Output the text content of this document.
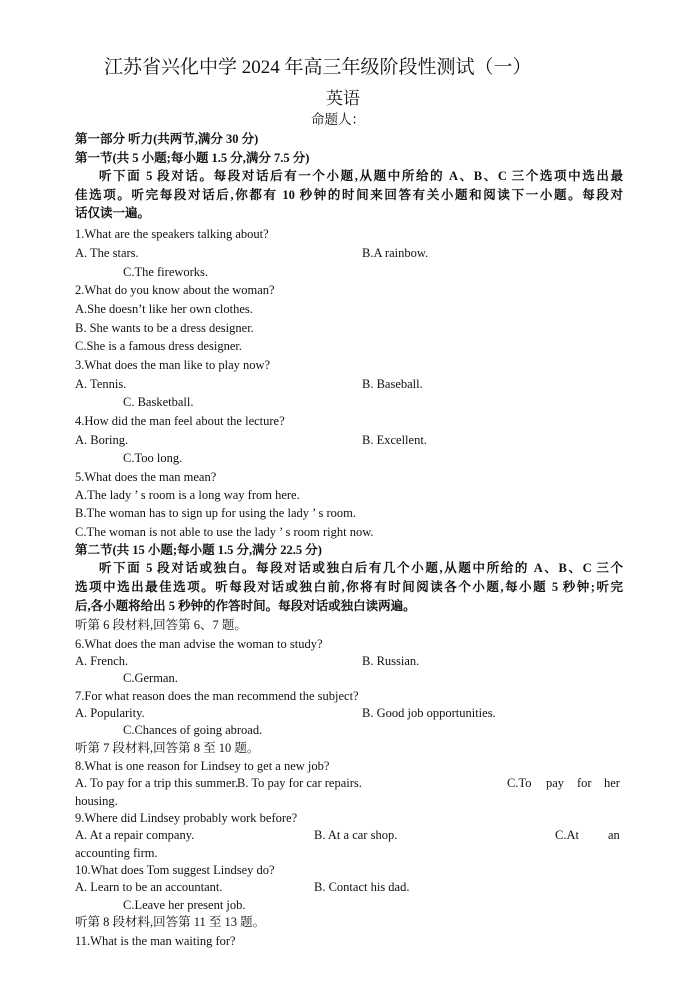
江苏省兴化中学 2024 年高三年级阶段性测试（一）
英语
命题人：
第一部分 听力(共两节,满分 30 分)
第一节(共 5 小题;每小题 1.5 分,满分 7.5 分)
听下面 5 段对话。每段对话后有一个小题,从题中所给的 A、B、C 三个选项中选出最
佳选项。听完每段对话后,你都有 10 秒钟的时间来回答有关小题和阅读下一小题。每段对
话仅读一遍。
1.What are the speakers talking about?
A. The stars.	B.A rainbow.
C.The fireworks.
2.What do you know about the woman?
A.She doesn’t like her own clothes.
B. She wants to be a dress designer.
C.She is a famous dress designer.
3.What does the man like to play now?
A. Tennis.	B. Baseball.
C. Basketball.
4.How did the man feel about the lecture?
A. Boring.	B. Excellent.
C.Too long.
5.What does the man mean?
A.The lady ’ s room is a long way from here.
B.The woman has to sign up for using the lady ’ s room.
C.The woman is not able to use the lady ’ s room right now.
第二节(共 15 小题;每小题 1.5 分,满分 22.5 分)
听下面 5 段对话或独白。每段对话或独白后有几个小题,从题中所给的 A、B、C 三个
选项中选出最佳选项。听每段对话或独白前,你将有时间阅读各个小题,每小题 5 秒钟;听完
后,各小题将给出 5 秒钟的作答时间。每段对话或独白读两遍。
听第 6 段材料,回答第 6、7 题。
6.What does the man advise the woman to study?
A. French.	B. Russian.
C.German.
7.For what reason does the man recommend the subject?
A. Popularity.	B. Good job opportunities.
C.Chances of going abroad.
听第 7 段材料,回答第 8 至 10 题。
8.What is one reason for Lindsey to get a new job?
A. To pay for a trip this summer.
B. To pay for car repairs.	C.To pay for her
housing.
9.Where did Lindsey probably work before?
A. At a repair company.	B. At a car shop.	C.At an
accounting firm.
10.What does Tom suggest Lindsey do?
A. Learn to be an accountant.	B. Contact his dad.
C.Leave her present job.
听第 8 段材料,回答第 11 至 13 题。
11.What is the man waiting for?
